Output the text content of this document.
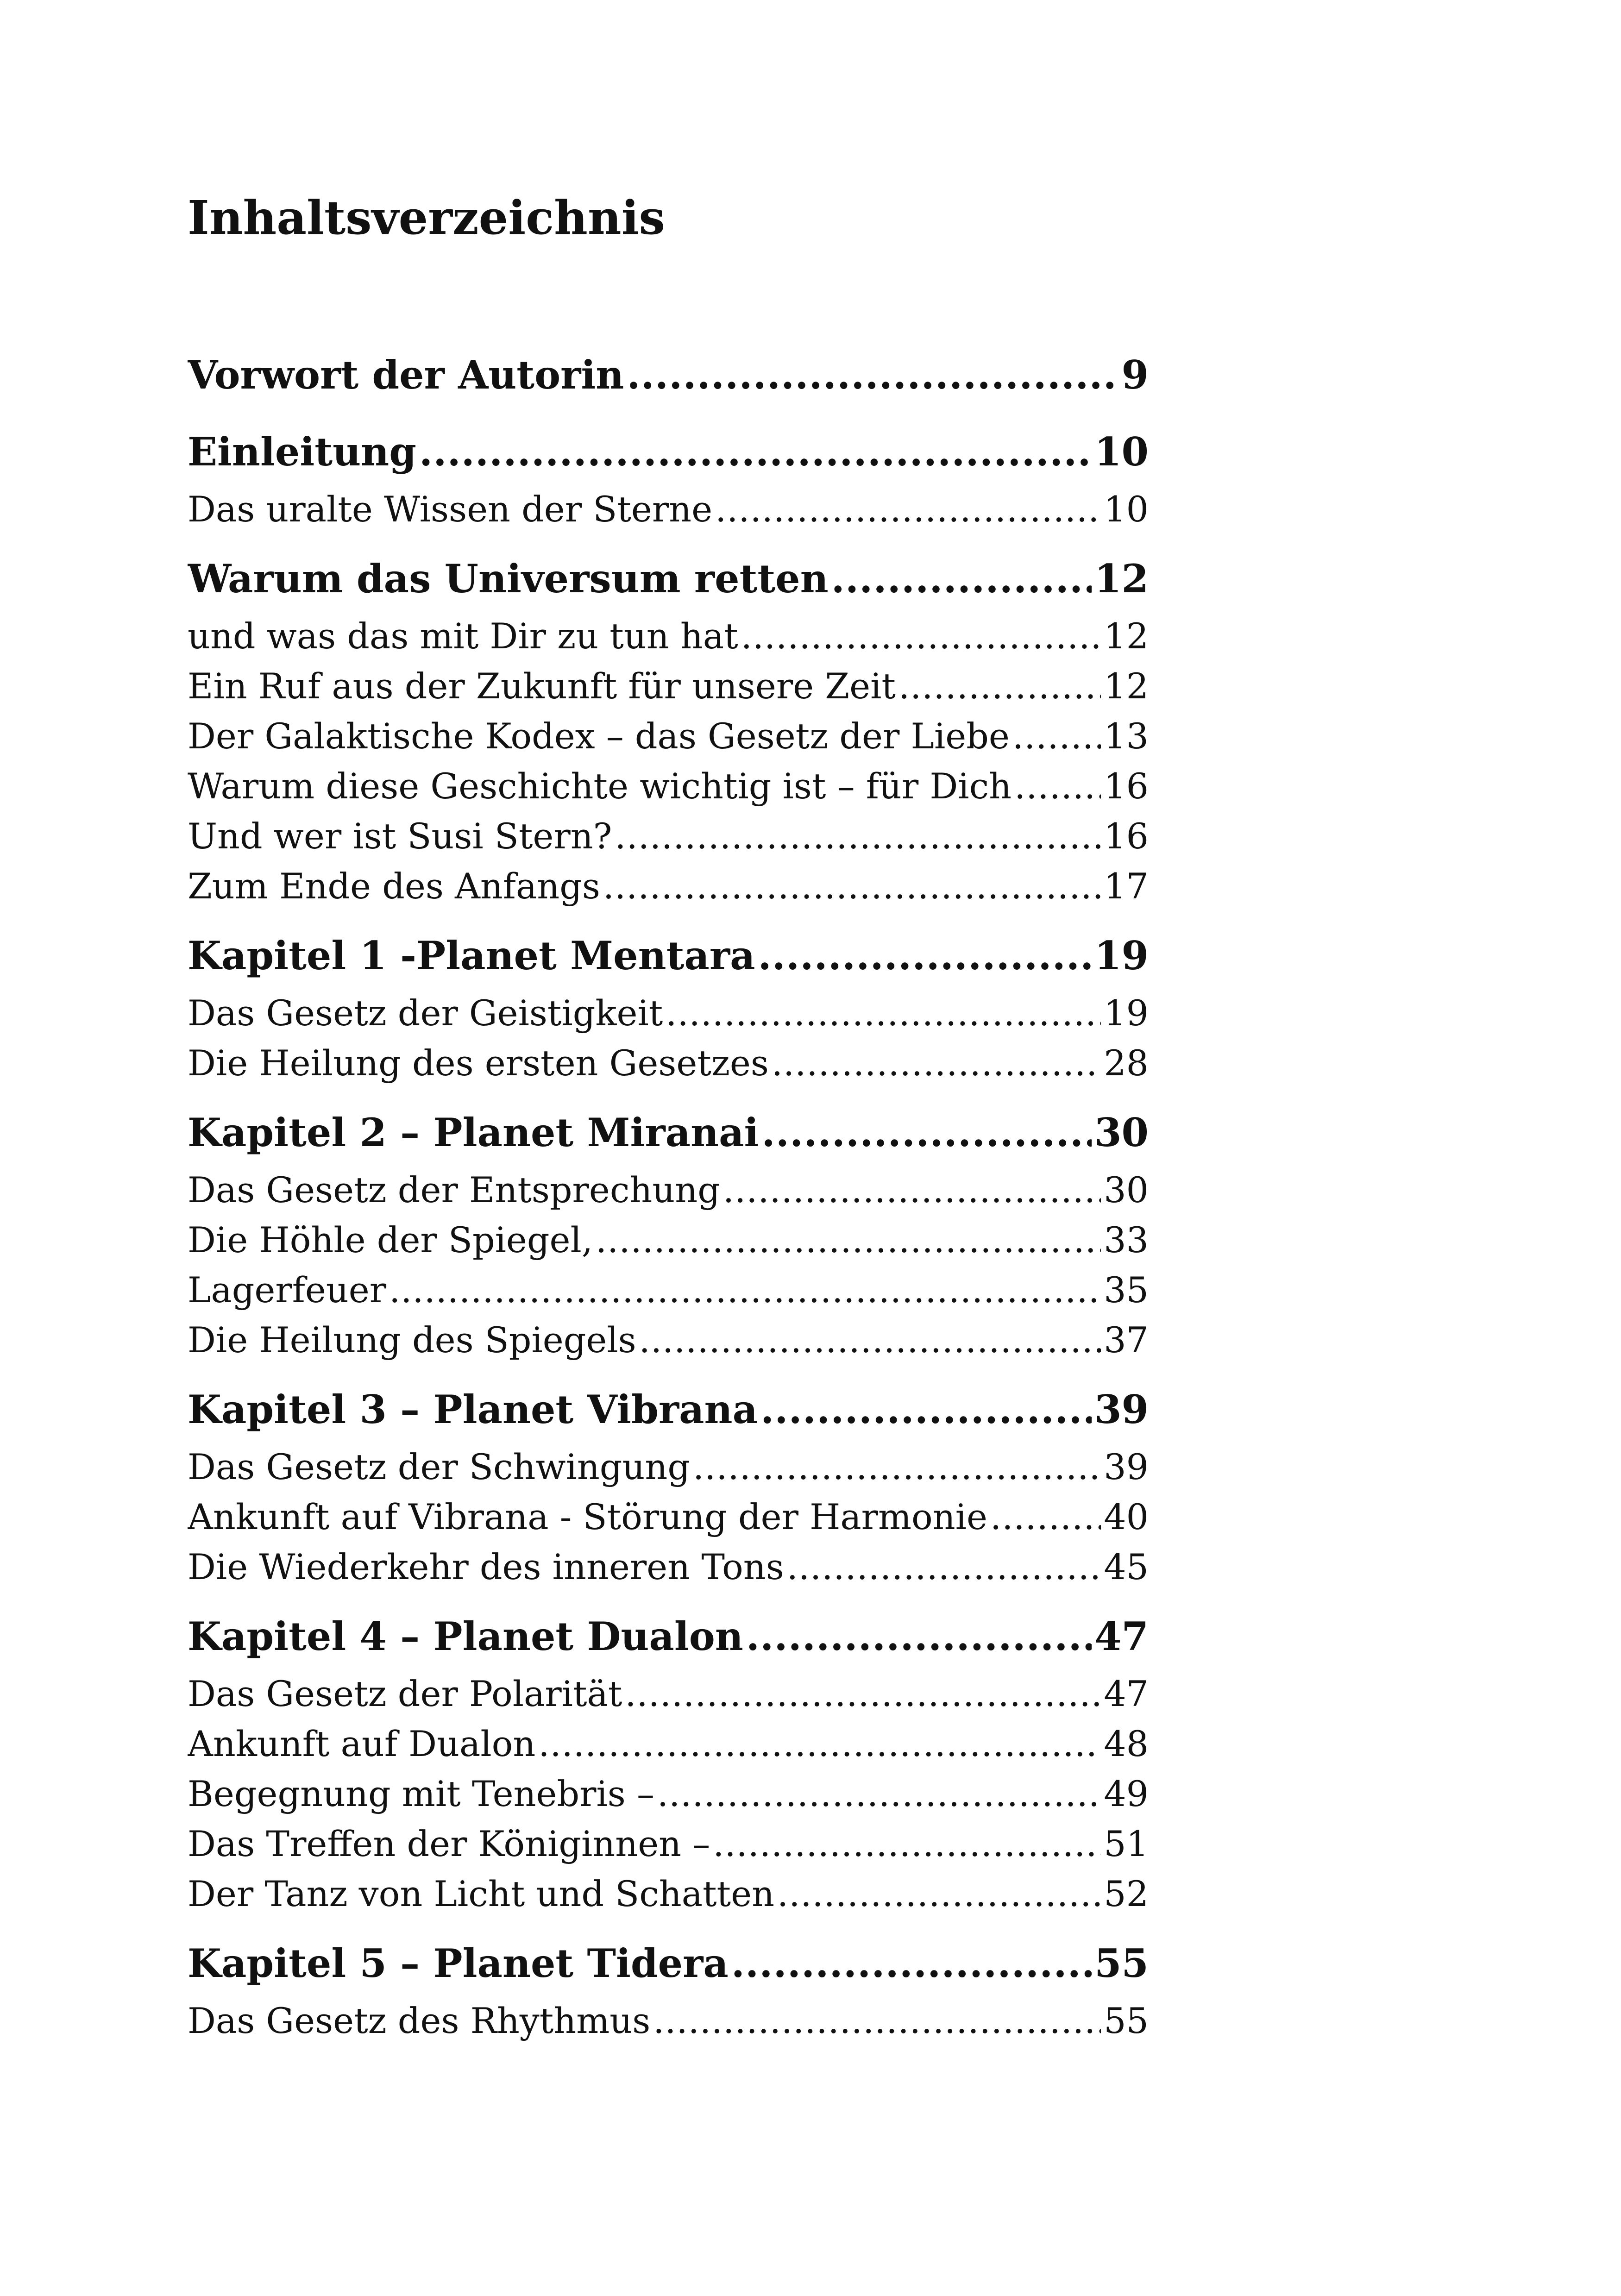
Inhaltsverzeichnis
Vorwort der Autorin .....	9
Einleitung .....	10
Das uralte Wissen der Sterne .....	10
Warum das Universum retten .....	12
und was das mit Dir zu tun hat .....	12
Ein Ruf aus der Zukunft für unsere Zeit .....	12
Der Galaktische Kodex – das Gesetz der Liebe .....	13
Warum diese Geschichte wichtig ist – für Dich .....	16
Und wer ist Susi Stern? .....	16
Zum Ende des Anfangs .....	17
Kapitel 1 -Planet Mentara .....	19
Das Gesetz der Geistigkeit .....	19
Die Heilung des ersten Gesetzes .....	28
Kapitel 2 – Planet Miranai .....	30
Das Gesetz der Entsprechung .....	30
Die Höhle der Spiegel, .....	33
Lagerfeuer .....	35
Die Heilung des Spiegels .....	37
Kapitel 3 – Planet Vibrana .....	39
Das Gesetz der Schwingung .....	39
Ankunft auf Vibrana - Störung der Harmonie .....	40
Die Wiederkehr des inneren Tons .....	45
Kapitel 4 – Planet Dualon .....	47
Das Gesetz der Polarität .....	47
Ankunft auf Dualon .....	48
Begegnung mit Tenebris – .....	49
Das Treffen der Königinnen – .....	51
Der Tanz von Licht und Schatten .....	52
Kapitel 5 – Planet Tidera .....	55
Das Gesetz des Rhythmus .....	55
